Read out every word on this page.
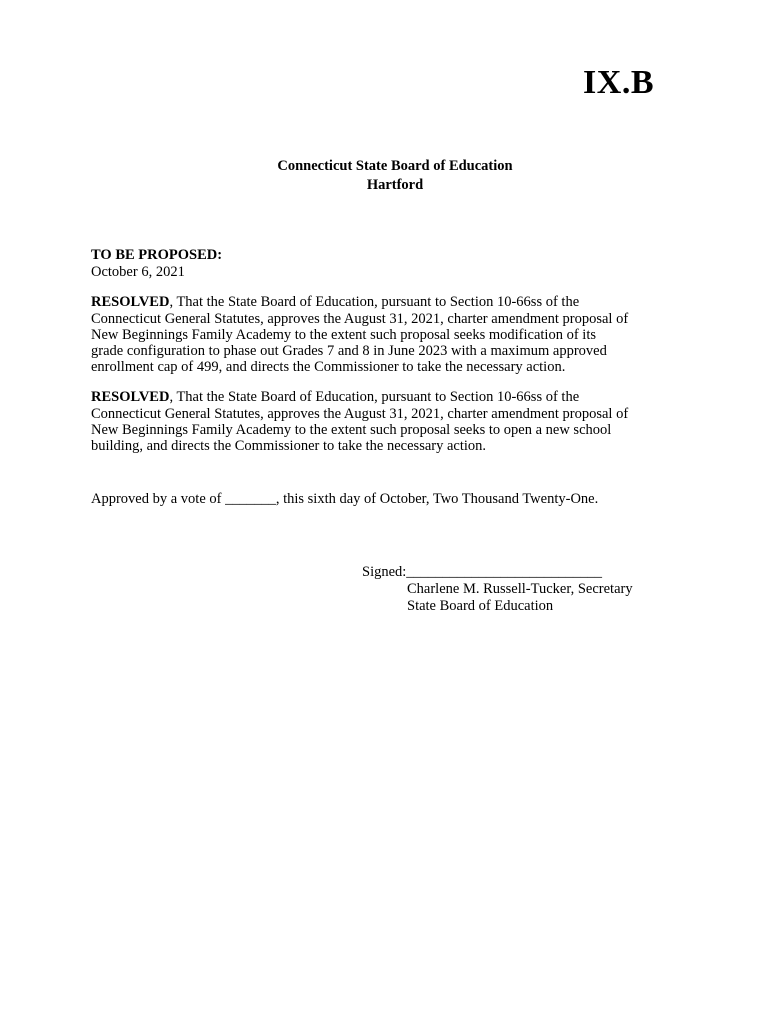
IX.B
Connecticut State Board of Education
Hartford

TO BE PROPOSED:

October 6, 2021

RESOLVED, That the State Board of Education, pursuant to Section 10-66ss of the
Connecticut General Statutes, approves the August 31, 2021, charter amendment proposal of
New Beginnings Family Academy to the extent such proposal seeks modification of its
grade configuration to phase out Grades 7 and 8 in June 2023 with a maximum approved
enrollment cap of 499, and directs the Commissioner to take the necessary action.

RESOLVED, That the State Board of Education, pursuant to Section 10-66ss of the
Connecticut General Statutes, approves the August 31, 2021, charter amendment proposal of
New Beginnings Family Academy to the extent such proposal seeks to open a new school
building, and directs the Commissioner to take the necessary action.

Approved by a vote of _______, this sixth day of October, Two Thousand Twenty-One.

Signed:___________________________
Charlene M. Russell-Tucker, Secretary
State Board of Education
